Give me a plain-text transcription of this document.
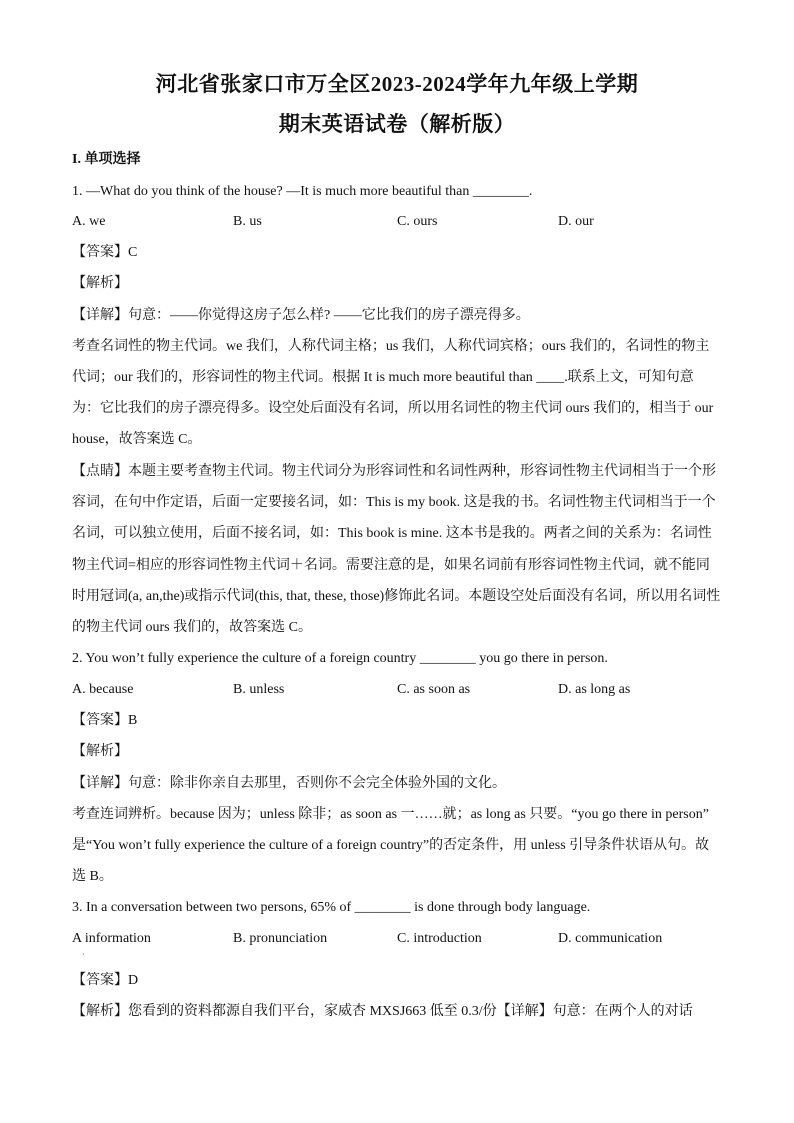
河北省张家口市万全区2023-2024学年九年级上学期
期末英语试卷（解析版）
I. 单项选择
1. —What do you think of the house? —It is much more beautiful than ________.
A. we	B. us	C. ours	D. our
【答案】C
【解析】
【详解】句意：——你觉得这房子怎么样? ——它比我们的房子漂亮得多。
考查名词性的物主代词。we 我们，人称代词主格；us 我们，人称代词宾格；ours 我们的，名词性的物主
代词；our 我们的，形容词性的物主代词。根据 It is much more beautiful than ____.联系上文，可知句意
为：它比我们的房子漂亮得多。设空处后面没有名词，所以用名词性的物主代词 ours 我们的，相当于 our
house，故答案选 C。
【点睛】本题主要考查物主代词。物主代词分为形容词性和名词性两种，形容词性物主代词相当于一个形
容词，在句中作定语，后面一定要接名词，如：This is my book. 这是我的书。名词性物主代词相当于一个
名词，可以独立使用，后面不接名词，如：This book is mine. 这本书是我的。两者之间的关系为：名词性
物主代词=相应的形容词性物主代词＋名词。需要注意的是，如果名词前有形容词性物主代词，就不能同
时用冠词(a, an,the)或指示代词(this, that, these, those)修饰此名词。本题设空处后面没有名词，所以用名词性
的物主代词 ours 我们的，故答案选 C。
2. You won’t fully experience the culture of a foreign country ________ you go there in person.
A. because	B. unless	C. as soon as	D. as long as
【答案】B
【解析】
【详解】句意：除非你亲自去那里，否则你不会完全体验外国的文化。
考查连词辨析。because 因为；unless 除非；as soon as 一……就；as long as 只要。“you go there in person”
是“You won’t fully experience the culture of a foreign country”的否定条件，用 unless 引导条件状语从句。故
选 B。
3. In a conversation between two persons, 65% of ________ is done through body language.
A information	B. pronunciation	C. introduction	D. communication
·
【答案】D
【解析】您看到的资料都源自我们平台，家威杏 MXSJ663 低至 0.3/份【详解】句意：在两个人的对话
